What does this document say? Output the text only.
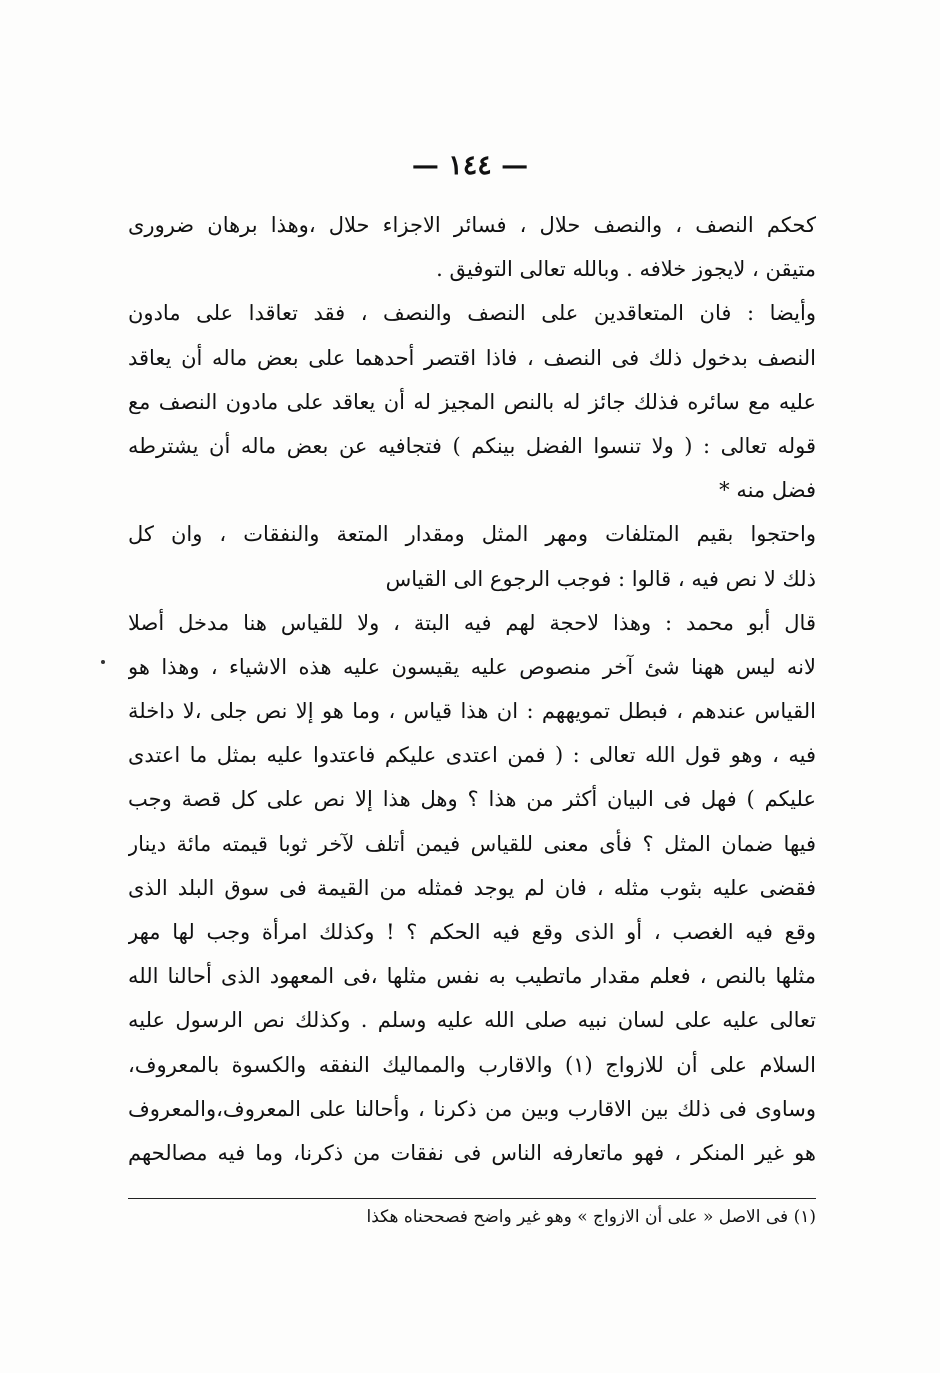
— ١٤٤ —
كحكم النصف ، والنصف حلال ، فسائر الاجزاء حلال ،وهذا برهان ضرورى
متيقن ، لايجوز خلافه . وبالله تعالى التوفيق .
وأيضا : فان المتعاقدين على النصف والنصف ، فقد تعاقدا على مادون
النصف بدخول ذلك فى النصف ، فاذا اقتصر أحدهما على بعض ماله أن يعاقد
عليه مع سائره فذلك جائز له بالنص المجيز له أن يعاقد على مادون النصف مع
قوله تعالى : ( ولا تنسوا الفضل بينكم ) فتجافيه عن بعض ماله أن يشترطه
فضل منه *
واحتجوا بقيم المتلفات ومهر المثل ومقدار المتعة والنفقات ، وان كل
ذلك لا نص فيه ، قالوا : فوجب الرجوع الى القياس
قال أبو محمد : وهذا لاحجة لهم فيه البتة ، ولا للقياس هنا مدخل أصلا
لانه ليس ههنا شئ آخر منصوص عليه يقيسون عليه هذه الاشياء ، وهذا هو
القياس عندهم ، فبطل تمويههم : ان هذا قياس ، وما هو إلا نص جلى ،لا داخلة
فيه ، وهو قول الله تعالى : ( فمن اعتدى عليكم فاعتدوا عليه بمثل ما اعتدى
عليكم ) فهل فى البيان أكثر من هذا ؟ وهل هذا إلا نص على كل قصة وجب
فيها ضمان المثل ؟ فأى معنى للقياس فيمن أتلف لآخر ثوبا قيمته مائة دينار
فقضى عليه بثوب مثله ، فان لم يوجد فمثله من القيمة فى سوق البلد الذى
وقع فيه الغصب ، أو الذى وقع فيه الحكم ؟ ! وكذلك امرأة وجب لها مهر
مثلها بالنص ، فعلم مقدار ماتطيب به نفس مثلها ،فى المعهود الذى أحالنا الله
تعالى عليه على لسان نبيه صلى الله عليه وسلم . وكذلك نص الرسول عليه
السلام على أن للازواج (١) والاقارب والمماليك النفقه والكسوة بالمعروف،
وساوى فى ذلك بين الاقارب وبين من ذكرنا ، وأحالنا على المعروف،والمعروف
هو غير المنكر ، فهو ماتعارفه الناس فى نفقات من ذكرنا، وما فيه مصالحهم
(١) فى الاصل « على أن الازواج » وهو غير واضح فصححناه هكذا
